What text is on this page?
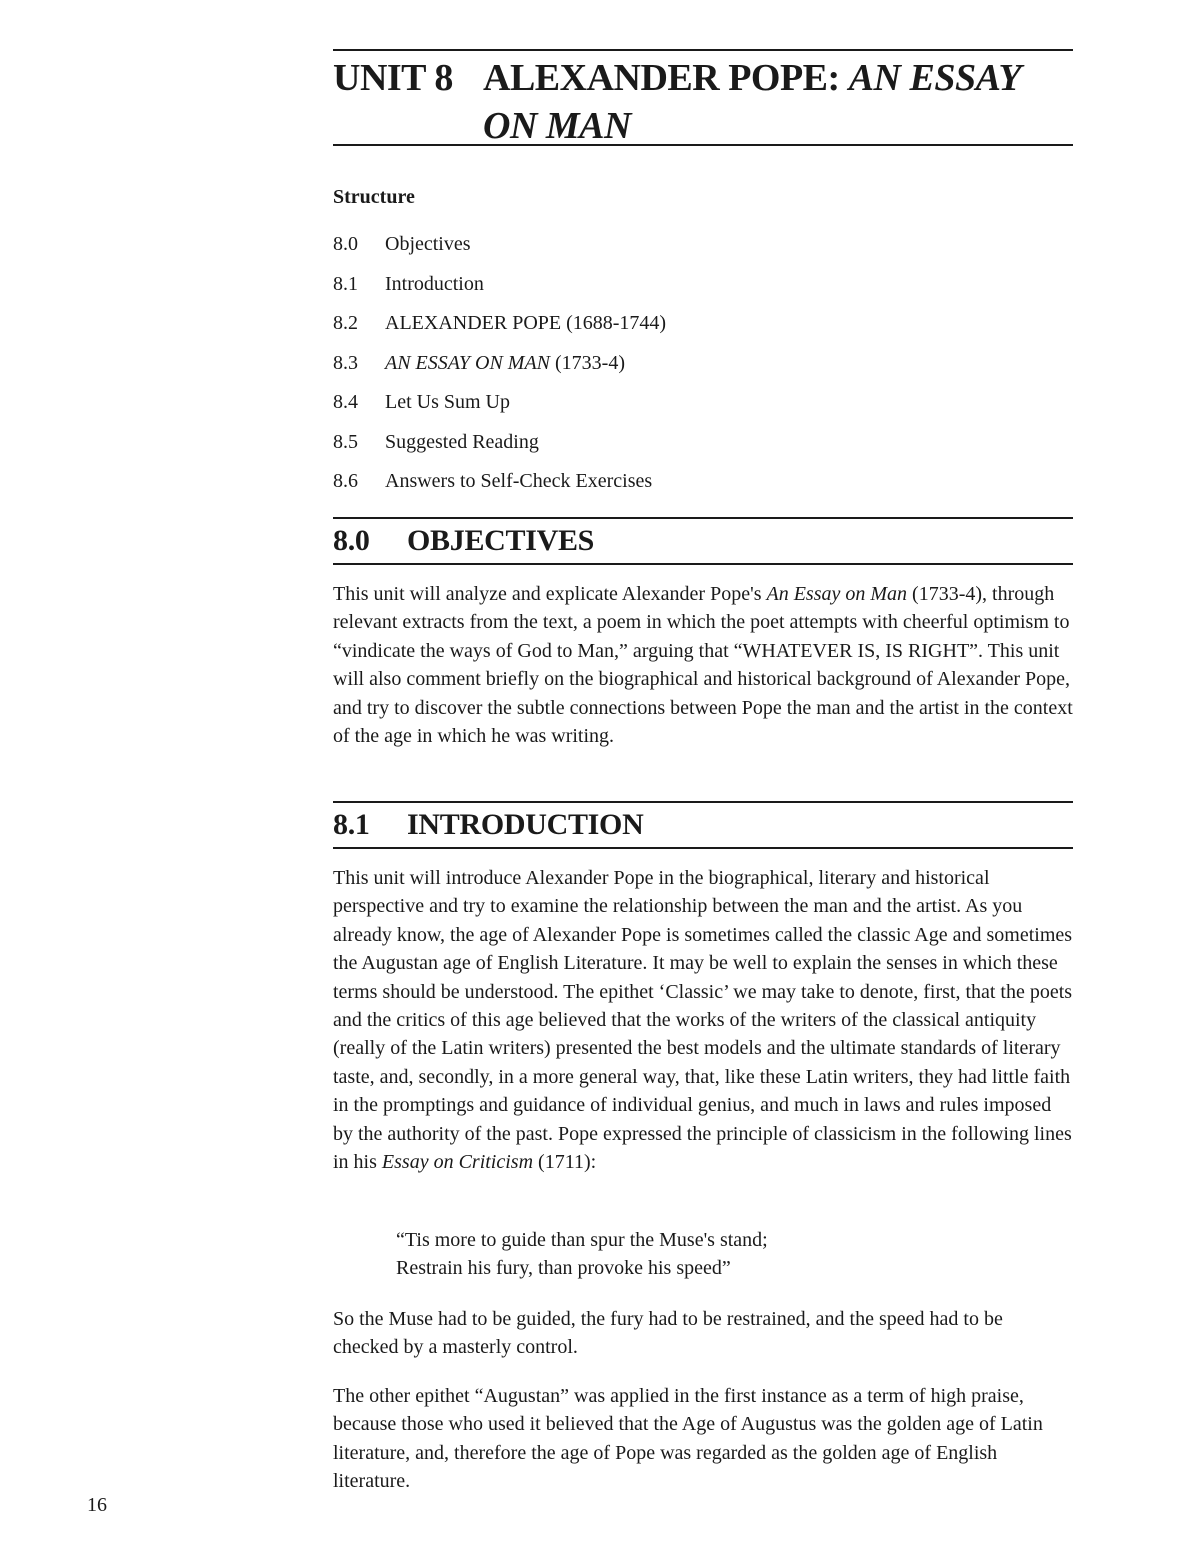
UNIT 8 ALEXANDER POPE: AN ESSAY
ON MAN
Structure
8.0 Objectives
8.1 Introduction
8.2 ALEXANDER POPE (1688-1744)
8.3 AN ESSAY ON MAN (1733-4)
8.4 Let Us Sum Up
8.5 Suggested Reading
8.6 Answers to Self-Check Exercises
8.0 OBJECTIVES

This unit will analyze and explicate Alexander Pope's An Essay on Man (1733-4), through relevant extracts from the text, a poem in which the poet attempts with cheerful optimism to “vindicate the ways of God to Man,” arguing that “WHATEVER IS, IS RIGHT”. This unit will also comment briefly on the biographical and historical background of Alexander Pope, and try to discover the subtle connections between Pope the man and the artist in the context of the age in which he was writing.

8.1 INTRODUCTION

This unit will introduce Alexander Pope in the biographical, literary and historical perspective and try to examine the relationship between the man and the artist. As you already know, the age of Alexander Pope is sometimes called the classic Age and sometimes the Augustan age of English Literature. It may be well to explain the senses in which these terms should be understood. The epithet ‘Classic’ we may take to denote, first, that the poets and the critics of this age believed that the works of the writers of the classical antiquity (really of the Latin writers) presented the best models and the ultimate standards of literary taste, and, secondly, in a more general way, that, like these Latin writers, they had little faith in the promptings and guidance of individual genius, and much in laws and rules imposed by the authority of the past. Pope expressed the principle of classicism in the following lines in his Essay on Criticism (1711):

“Tis more to guide than spur the Muse's stand;

Restrain his fury, than provoke his speed”

So the Muse had to be guided, the fury had to be restrained, and the speed had to be checked by a masterly control.

The other epithet “Augustan” was applied in the first instance as a term of high praise, because those who used it believed that the Age of Augustus was the golden age of Latin literature, and, therefore the age of Pope was regarded as the golden age of English literature.

16
